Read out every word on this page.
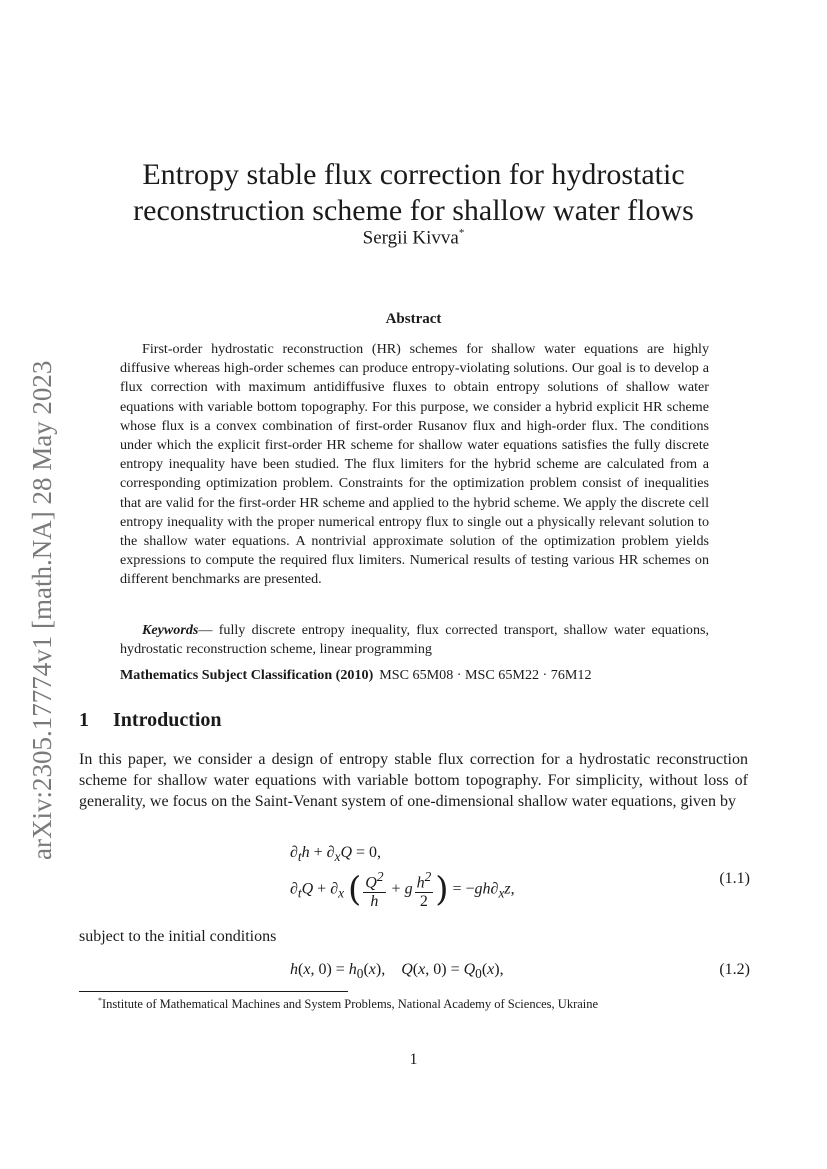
arXiv:2305.17774v1 [math.NA] 28 May 2023
Entropy stable flux correction for hydrostatic reconstruction scheme for shallow water flows
Sergii Kivva*
Abstract

First-order hydrostatic reconstruction (HR) schemes for shallow water equations are highly diffusive whereas high-order schemes can produce entropy-violating solutions. Our goal is to develop a flux correction with maximum antidiffusive fluxes to obtain entropy solutions of shallow water equations with variable bottom topography. For this purpose, we consider a hybrid explicit HR scheme whose flux is a convex combination of first-order Rusanov flux and high-order flux. The conditions under which the explicit first-order HR scheme for shallow water equations satisfies the fully discrete entropy inequality have been studied. The flux limiters for the hybrid scheme are calculated from a corresponding optimization problem. Constraints for the optimization problem consist of inequalities that are valid for the first-order HR scheme and applied to the hybrid scheme. We apply the discrete cell entropy inequality with the proper numerical entropy flux to single out a physically relevant solution to the shallow water equations. A nontrivial approximate solution of the optimization problem yields expressions to compute the required flux limiters. Numerical results of testing various HR schemes on different benchmarks are presented.

Keywords— fully discrete entropy inequality, flux corrected transport, shallow water equations, hydrostatic reconstruction scheme, linear programming

Mathematics Subject Classification (2010) MSC 65M08 · MSC 65M22 · 76M12
1 Introduction

In this paper, we consider a design of entropy stable flux correction for a hydrostatic reconstruction scheme for shallow water equations with variable bottom topography. For simplicity, without loss of generality, we focus on the Saint-Venant system of one-dimensional shallow water equations, given by

$\partial_th + \partial_xQ = 0$,
$\partial_tQ + \partial_x$ ( $\frac{Q^2}{h} + g \frac{h^2}{2}$ ) = $-gh\partial_xz$,
(1.1)
subject to the initial conditions
h(x, $0) = h_0(x)$,    Q(x, $0) = Q_0(x)$,	(1.2)
*Institute of Mathematical Machines and System Problems, National Academy of Sciences, Ukraine
1
